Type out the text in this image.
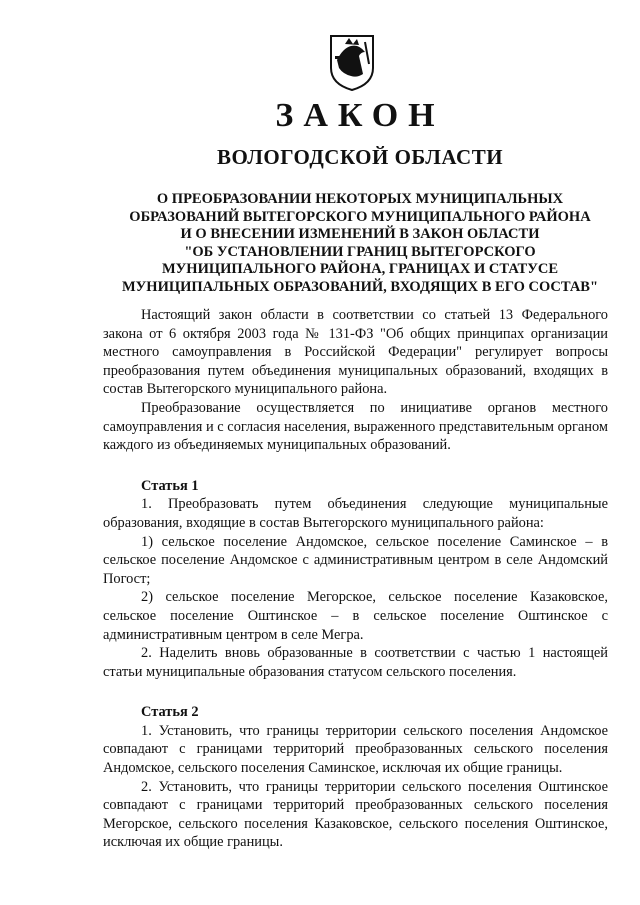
ЗАКОН
ВОЛОГОДСКОЙ ОБЛАСТИ
О ПРЕОБРАЗОВАНИИ НЕКОТОРЫХ МУНИЦИПАЛЬНЫХ
ОБРАЗОВАНИЙ ВЫТЕГОРСКОГО МУНИЦИПАЛЬНОГО РАЙОНА
И О ВНЕСЕНИИ ИЗМЕНЕНИЙ В ЗАКОН ОБЛАСТИ
"ОБ УСТАНОВЛЕНИИ ГРАНИЦ ВЫТЕГОРСКОГО
МУНИЦИПАЛЬНОГО РАЙОНА, ГРАНИЦАХ И СТАТУСЕ
МУНИЦИПАЛЬНЫХ ОБРАЗОВАНИЙ, ВХОДЯЩИХ В ЕГО СОСТАВ"

Настоящий закон области в соответствии со статьей 13 Федерального закона от 6 октября 2003 года № 131-ФЗ "Об общих принципах организации местного самоуправления в Российской Федерации" регулирует вопросы преобразования путем объединения муниципальных образований, входящих в состав Вытегорского муниципального района.

Преобразование осуществляется по инициативе органов местного самоуправления и с согласия населения, выраженного представительным органом каждого из объединяемых муниципальных образований.

Статья 1

1. Преобразовать путем объединения следующие муниципальные образования, входящие в состав Вытегорского муниципального района:

1) сельское поселение Андомское, сельское поселение Саминское – в сельское поселение Андомское с административным центром в селе Андомский Погост;

2) сельское поселение Мегорское, сельское поселение Казаковское, сельское поселение Оштинское – в сельское поселение Оштинское с административным центром в селе Мегра.

2. Наделить вновь образованные в соответствии с частью 1 настоящей статьи муниципальные образования статусом сельского поселения.

Статья 2

1. Установить, что границы территории сельского поселения Андомское совпадают с границами территорий преобразованных сельского поселения Андомское, сельского поселения Саминское, исключая их общие границы.

2. Установить, что границы территории сельского поселения Оштинское совпадают с границами территорий преобразованных сельского поселения Мегорское, сельского поселения Казаковское, сельского поселения Оштинское, исключая их общие границы.
